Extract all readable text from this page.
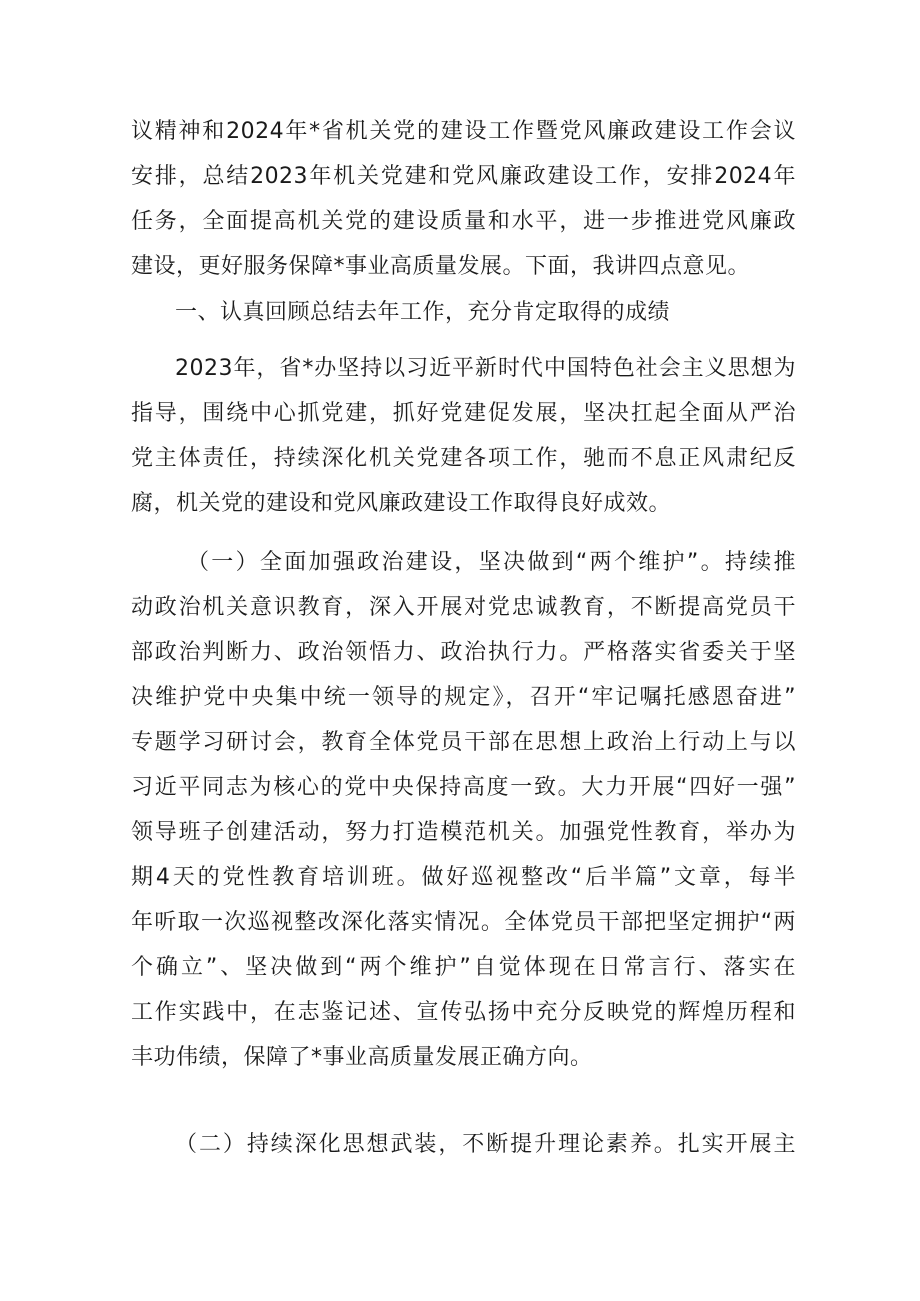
议精神和2024年*省机关党的建设工作暨党风廉政建设工作会议
安排，总结2023年机关党建和党风廉政建设工作，安排2024年
任务，全面提高机关党的建设质量和水平，进一步推进党风廉政
建设，更好服务保障*事业高质量发展。下面，我讲四点意见。
一、认真回顾总结去年工作，充分肯定取得的成绩
2023年，省*办坚持以习近平新时代中国特色社会主义思想为
指导，围绕中心抓党建，抓好党建促发展，坚决扛起全面从严治
党主体责任，持续深化机关党建各项工作，驰而不息正风肃纪反
腐，机关党的建设和党风廉政建设工作取得良好成效。
（一）全面加强政治建设，坚决做到“两个维护”。持续推
动政治机关意识教育，深入开展对党忠诚教育，不断提高党员干
部政治判断力、政治领悟力、政治执行力。严格落实省委关于坚
决维护党中央集中统一领导的规定》，召开“牢记嘱托感恩奋进”
专题学习研讨会，教育全体党员干部在思想上政治上行动上与以
习近平同志为核心的党中央保持高度一致。大力开展“四好一强”
领导班子创建活动，努力打造模范机关。加强党性教育，举办为
期4天的党性教育培训班。做好巡视整改“后半篇”文章，每半
年听取一次巡视整改深化落实情况。全体党员干部把坚定拥护“两
个确立”、坚决做到“两个维护”自觉体现在日常言行、落实在
工作实践中，在志鉴记述、宣传弘扬中充分反映党的辉煌历程和
丰功伟绩，保障了*事业高质量发展正确方向。
（二）持续深化思想武装，不断提升理论素养。扎实开展主
